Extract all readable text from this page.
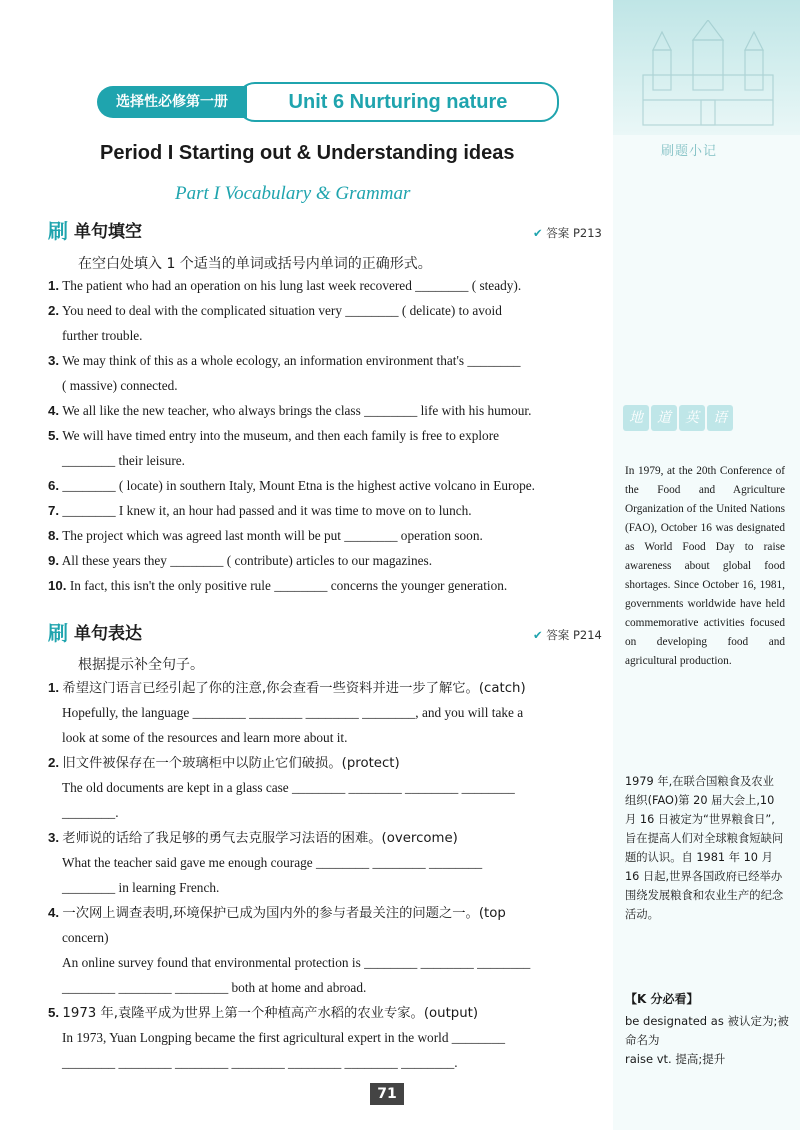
刷题小记
地 道 英 语
In 1979, at the 20th Conference of the Food and Agriculture Organization of the United Nations (FAO), October 16 was designated as World Food Day to raise awareness about global food shortages. Since October 16, 1981, governments worldwide have held commemorative activities focused on developing food and agricultural production.
1979 年,在联合国粮食及农业组织(FAO)第 20 届大会上,10 月 16 日被定为“世界粮食日”,旨在提高人们对全球粮食短缺问题的认识。自 1981 年 10 月 16 日起,世界各国政府已经举办围绕发展粮食和农业生产的纪念活动。
【K 分必看】
be designated as 被认定为;被命名为
raise vt. 提高;提升
Unit 6 Nurturing nature
选择性必修第一册
Period I Starting out & Understanding ideas
Part I Vocabulary & Grammar
刷 单句填空	✔ 答案 P213
在空白处填入 1 个适当的单词或括号内单词的正确形式。
1. The patient who had an operation on his lung last week recovered ________ ( steady).
2. You need to deal with the complicated situation very ________ ( delicate) to avoid
further trouble.
3. We may think of this as a whole ecology, an information environment that's ________
( massive) connected.
4. We all like the new teacher, who always brings the class ________ life with his humour.
5. We will have timed entry into the museum, and then each family is free to explore
________ their leisure.
6. ________ ( locate) in southern Italy, Mount Etna is the highest active volcano in Europe.
7. ________ I knew it, an hour had passed and it was time to move on to lunch.
8. The project which was agreed last month will be put ________ operation soon.
9. All these years they ________ ( contribute) articles to our magazines.
10. In fact, this isn't the only positive rule ________ concerns the younger generation.
刷 单句表达	✔ 答案 P214
根据提示补全句子。
1. 希望这门语言已经引起了你的注意,你会查看一些资料并进一步了解它。(catch)
Hopefully, the language ________ ________ ________ ________, and you will take a
look at some of the resources and learn more about it.
2. 旧文件被保存在一个玻璃柜中以防止它们破损。(protect)
The old documents are kept in a glass case ________ ________ ________ ________
________.
3. 老师说的话给了我足够的勇气去克服学习法语的困难。(overcome)
What the teacher said gave me enough courage ________ ________ ________
________ in learning French.
4. 一次网上调查表明,环境保护已成为国内外的参与者最关注的问题之一。(top
concern)
An online survey found that environmental protection is ________ ________ ________
________ ________ ________ both at home and abroad.
5. 1973 年,袁隆平成为世界上第一个种植高产水稻的农业专家。(output)
In 1973, Yuan Longping became the first agricultural expert in the world ________
________ ________ ________ ________ ________ ________ ________.
71
